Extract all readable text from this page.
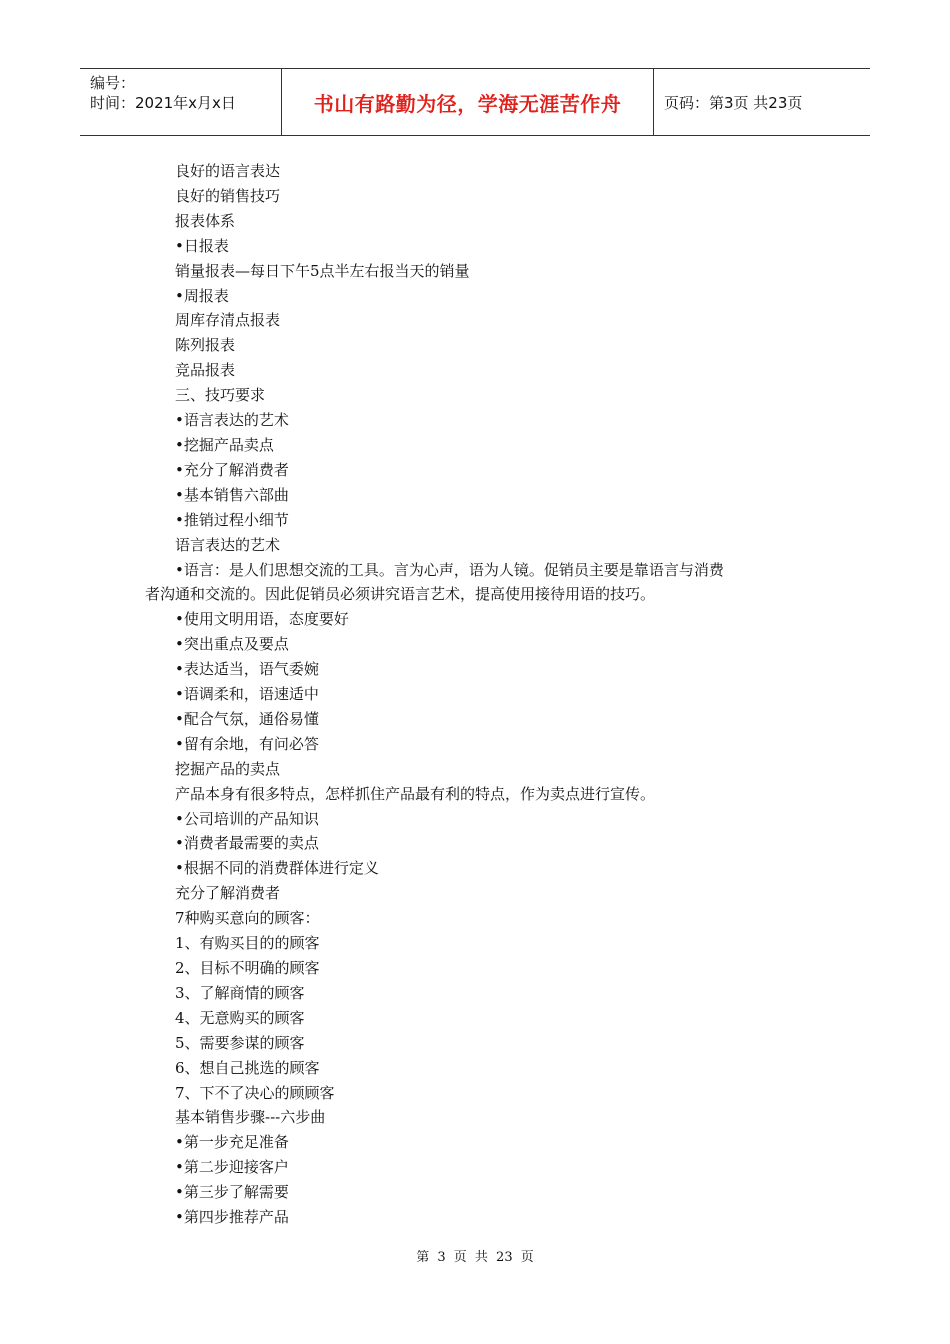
编号：
时间：2021年x月x日	书山有路勤为径，学海无涯苦作舟	页码：第3页 共23页
良好的语言表达
良好的销售技巧
报表体系
•日报表
销量报表—每日下午5点半左右报当天的销量
•周报表
周库存清点报表
陈列报表
竞品报表
三、技巧要求
•语言表达的艺术
•挖掘产品卖点
•充分了解消费者
•基本销售六部曲
•推销过程小细节
语言表达的艺术
•语言：是人们思想交流的工具。言为心声，语为人镜。促销员主要是靠语言与消费
者沟通和交流的。因此促销员必须讲究语言艺术，提高使用接待用语的技巧。
•使用文明用语，态度要好
•突出重点及要点
•表达适当，语气委婉
•语调柔和，语速适中
•配合气氛，通俗易懂
•留有余地，有问必答
挖掘产品的卖点
产品本身有很多特点，怎样抓住产品最有利的特点，作为卖点进行宣传。
•公司培训的产品知识
•消费者最需要的卖点
•根据不同的消费群体进行定义
充分了解消费者
7种购买意向的顾客：
1、有购买目的的顾客
2、目标不明确的顾客
3、了解商情的顾客
4、无意购买的顾客
5、需要参谋的顾客
6、想自己挑选的顾客
7、下不了决心的顾顾客
基本销售步骤---六步曲
•第一步充足准备
•第二步迎接客户
•第三步了解需要
•第四步推荐产品
第 3 页 共 23 页
